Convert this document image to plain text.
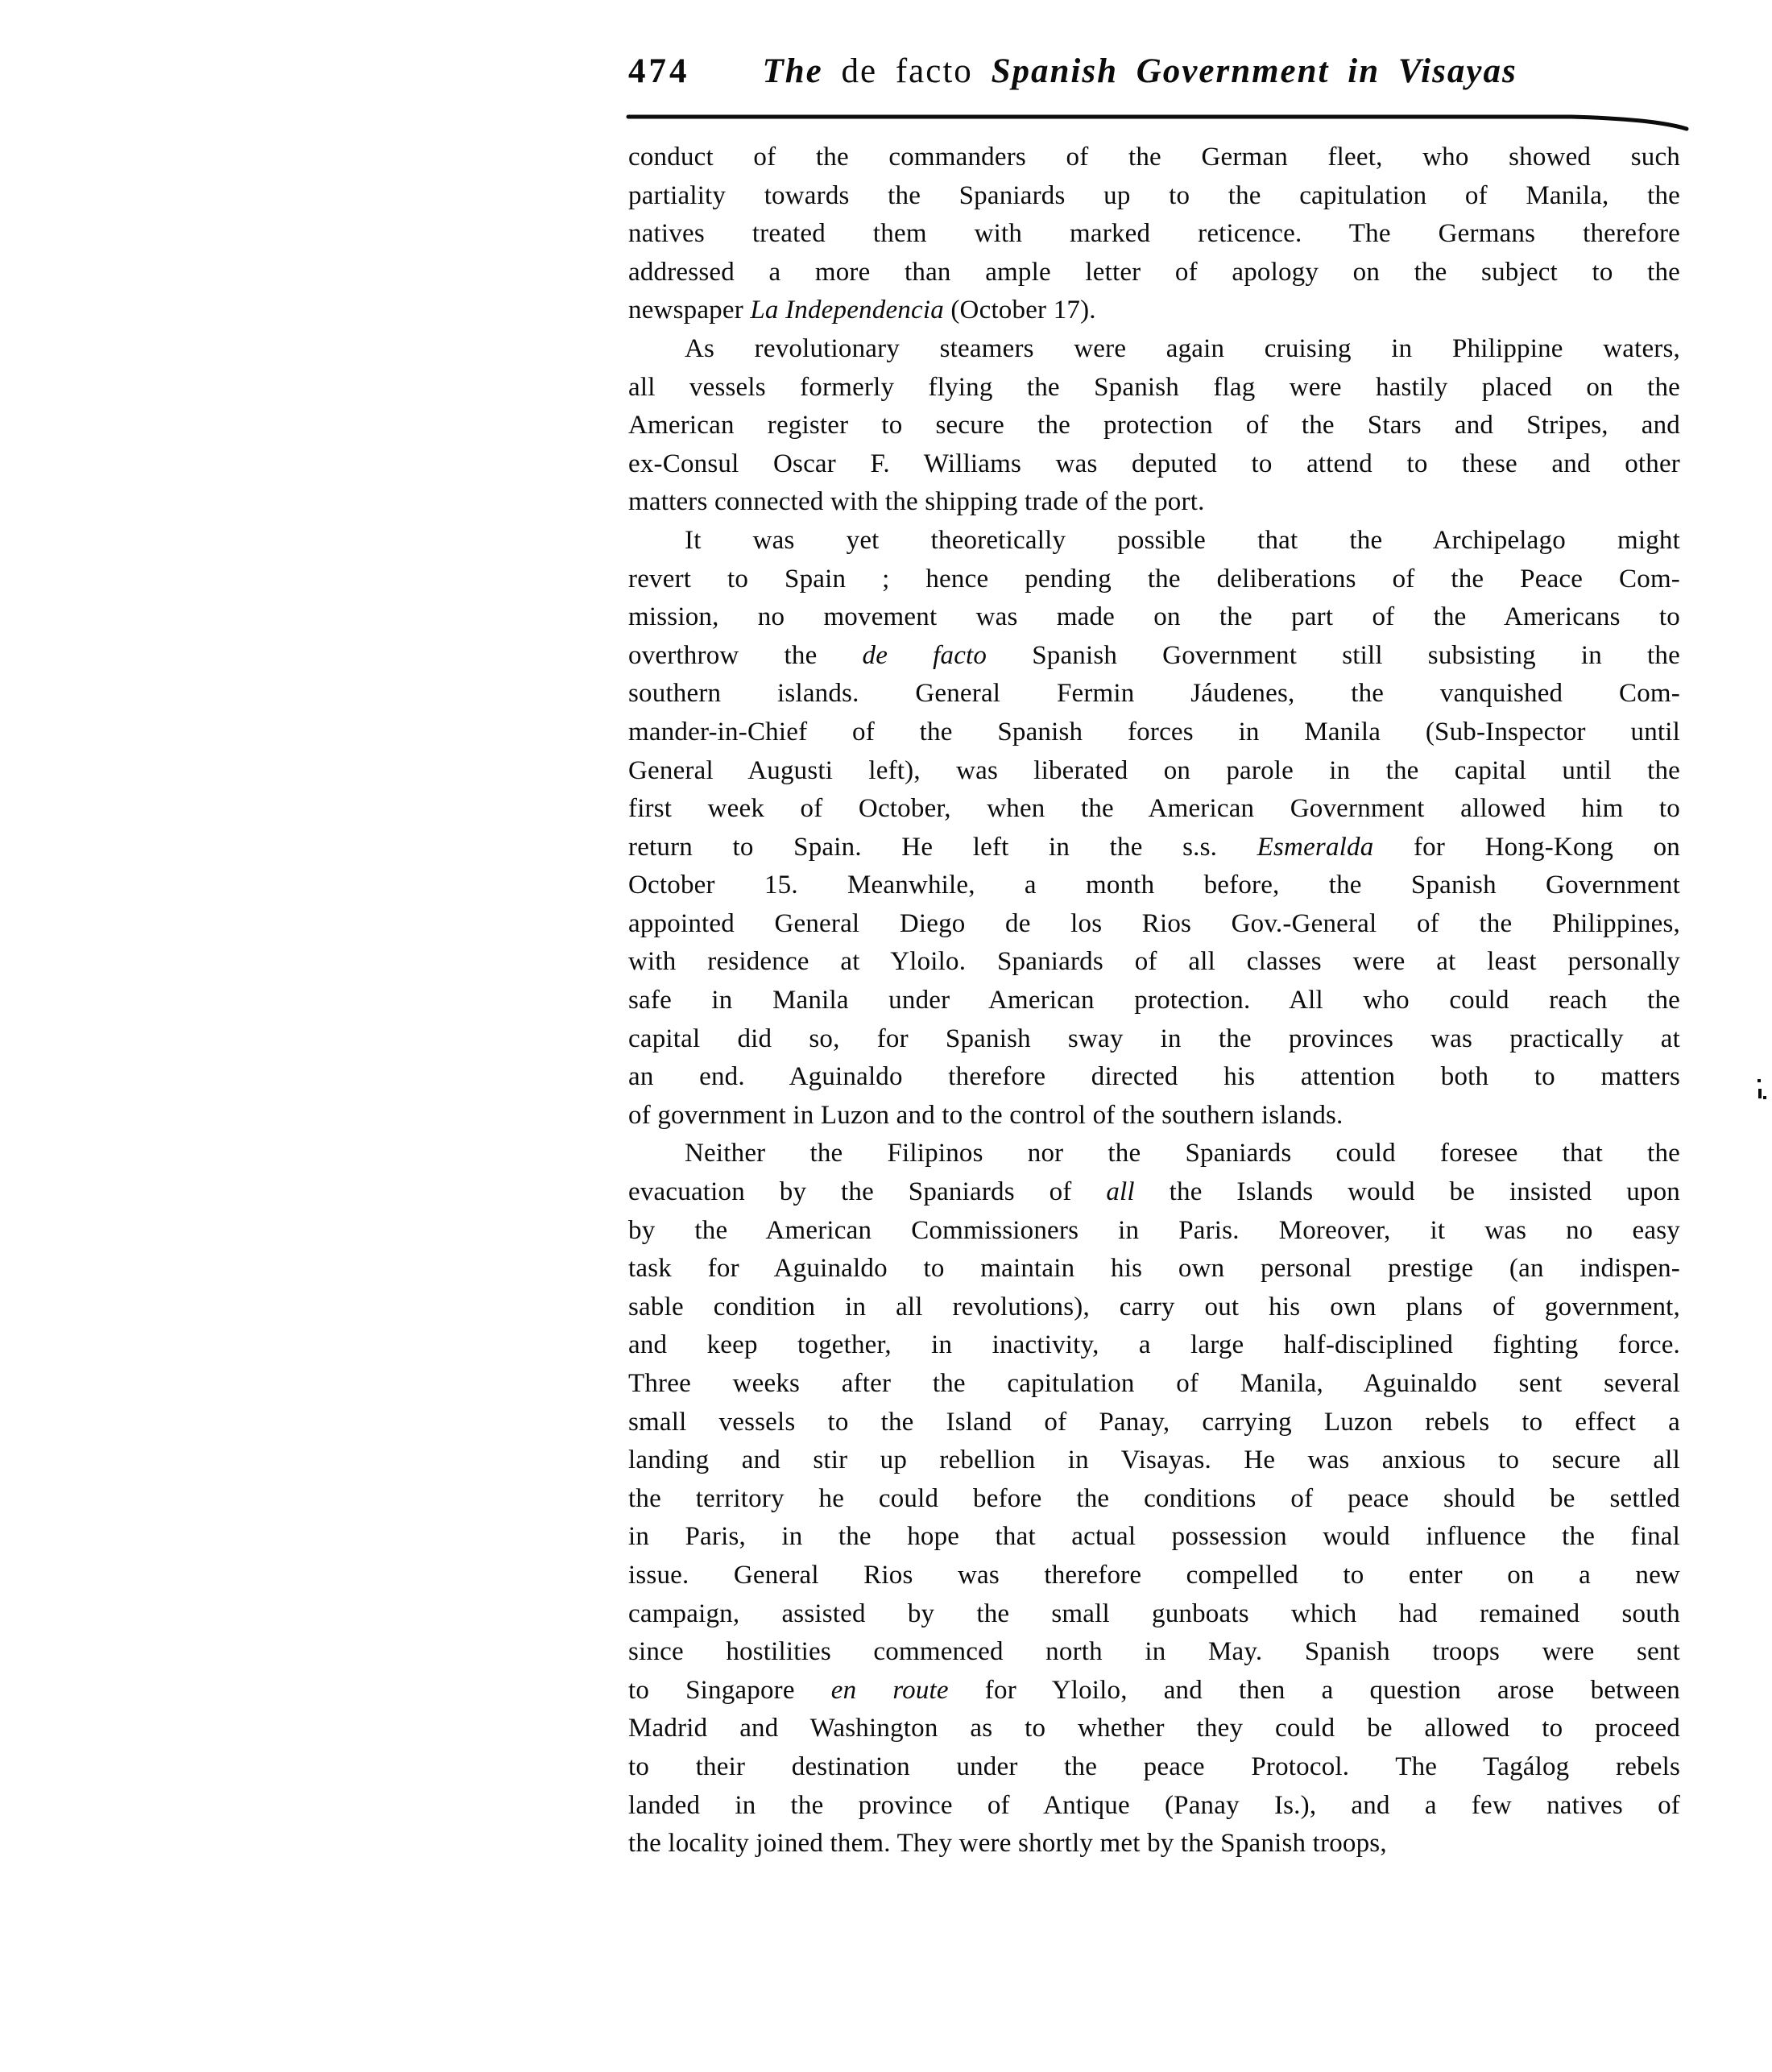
474 The de facto Spanish Government in Visayas
conduct of the commanders of the German fleet, who showed such
partiality towards the Spaniards up to the capitulation of Manila, the
natives treated them with marked reticence. The Germans therefore
addressed a more than ample letter of apology on the subject to the
newspaper La Independencia (October 17).
As revolutionary steamers were again cruising in Philippine waters,
all vessels formerly flying the Spanish flag were hastily placed on the
American register to secure the protection of the Stars and Stripes, and
ex-Consul Oscar F. Williams was deputed to attend to these and other
matters connected with the shipping trade of the port.
It was yet theoretically possible that the Archipelago might
revert to Spain ; hence pending the deliberations of the Peace Com-
mission, no movement was made on the part of the Americans to
overthrow the de facto Spanish Government still subsisting in the
southern islands. General Fermin Jáudenes, the vanquished Com-
mander-in-Chief of the Spanish forces in Manila (Sub-Inspector until
General Augusti left), was liberated on parole in the capital until the
first week of October, when the American Government allowed him to
return to Spain. He left in the s.s. Esmeralda for Hong-Kong on
October 15. Meanwhile, a month before, the Spanish Government
appointed General Diego de los Rios Gov.-General of the Philippines,
with residence at Yloilo. Spaniards of all classes were at least personally
safe in Manila under American protection. All who could reach the
capital did so, for Spanish sway in the provinces was practically at
an end. Aguinaldo therefore directed his attention both to matters
of government in Luzon and to the control of the southern islands.
Neither the Filipinos nor the Spaniards could foresee that the
evacuation by the Spaniards of all the Islands would be insisted upon
by the American Commissioners in Paris. Moreover, it was no easy
task for Aguinaldo to maintain his own personal prestige (an indispen-
sable condition in all revolutions), carry out his own plans of government,
and keep together, in inactivity, a large half-disciplined fighting force.
Three weeks after the capitulation of Manila, Aguinaldo sent several
small vessels to the Island of Panay, carrying Luzon rebels to effect a
landing and stir up rebellion in Visayas. He was anxious to secure all
the territory he could before the conditions of peace should be settled
in Paris, in the hope that actual possession would influence the final
issue. General Rios was therefore compelled to enter on a new
campaign, assisted by the small gunboats which had remained south
since hostilities commenced north in May. Spanish troops were sent
to Singapore en route for Yloilo, and then a question arose between
Madrid and Washington as to whether they could be allowed to proceed
to their destination under the peace Protocol. The Tagálog rebels
landed in the province of Antique (Panay Is.), and a few natives of
the locality joined them. They were shortly met by the Spanish troops,
